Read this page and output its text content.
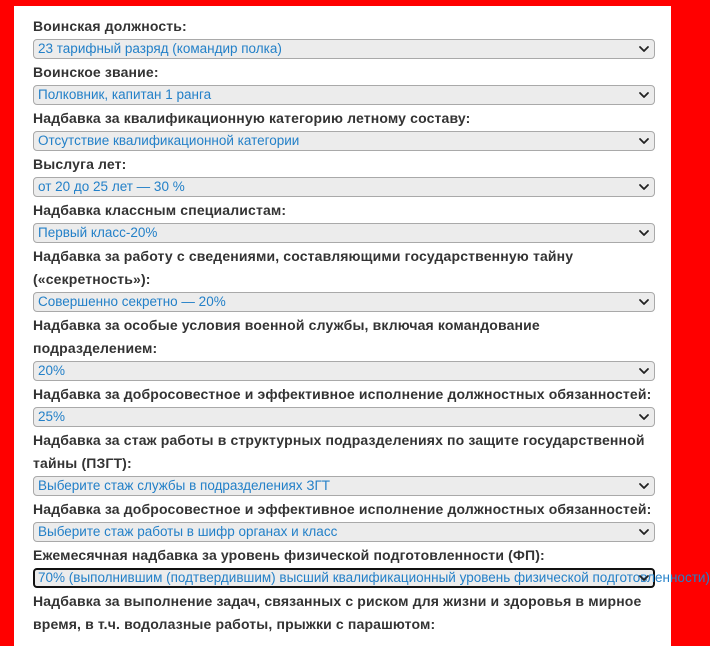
Воинская должность:
23 тарифный разряд (командир полка)
Воинское звание:
Полковник, капитан 1 ранга
Надбавка за квалификационную категорию летному составу:
Отсутствие квалификационной категории
Выслуга лет:
от 20 до 25 лет — 30 %
Надбавка классным специалистам:
Первый класс-20%
Надбавка за работу с сведениями, составляющими государственную тайну («секретность»):
Совершенно секретно — 20%
Надбавка за особые условия военной службы, включая командование подразделением:
20%
Надбавка за добросовестное и эффективное исполнение должностных обязанностей:
25%
Надбавка за стаж работы в структурных подразделениях по защите государственной тайны (ПЗГТ):
Выберите стаж службы в подразделениях ЗГТ
Надбавка за добросовестное и эффективное исполнение должностных обязанностей:
Выберите стаж работы в шифр органах и класс
Ежемесячная надбавка за уровень физической подготовленности (ФП):
70% (выполнившим (подтвердившим) высший квалификационный уровень физической подготовленности)
Надбавка за выполнение задач, связанных с риском для жизни и здоровья в мирное время, в т.ч. водолазные работы, прыжки с парашютом:
